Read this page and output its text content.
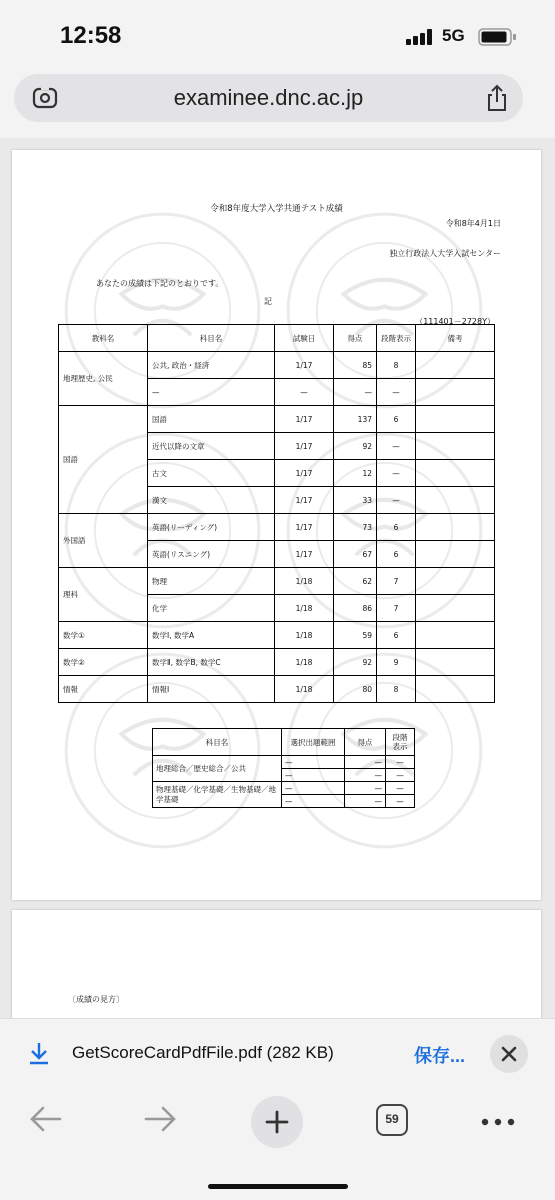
12:58	5G
examinee.dnc.ac.jp
令和8年度大学入学共通テスト成績
令和8年4月1日
独立行政法人大学入試センター
あなたの成績は下記のとおりです。
記
（111401－2728Y）
教科名	科目名	試験日	得点	段階表示	備考
地理歴史, 公民	公共, 政治・経済	1/17	85	8	
	—	—	—	—	
国語	国語	1/17	137	6	
	近代以降の文章	1/17	92	—	
	古文	1/17	12	—	
	漢文	1/17	33	—	
外国語	英語(リーディング)	1/17	73	6	
	英語(リスニング)	1/17	67	6	
理科	物理	1/18	62	7	
	化学	1/18	86	7	
数学①	数学Ⅰ, 数学A	1/18	59	6	
数学②	数学Ⅱ, 数学B, 数学C	1/18	92	9	
情報	情報Ⅰ	1/18	80	8	
科目名	選択出題範囲	得点	段階表示
地理総合／歴史総合／公共	—	—	—
	—	—	—
物理基礎／化学基礎／生物基礎／地学基礎	—	—	—
	—	—	—
〔成績の見方〕
GetScoreCardPdfFile.pdf (282 KB)	保存...
59
